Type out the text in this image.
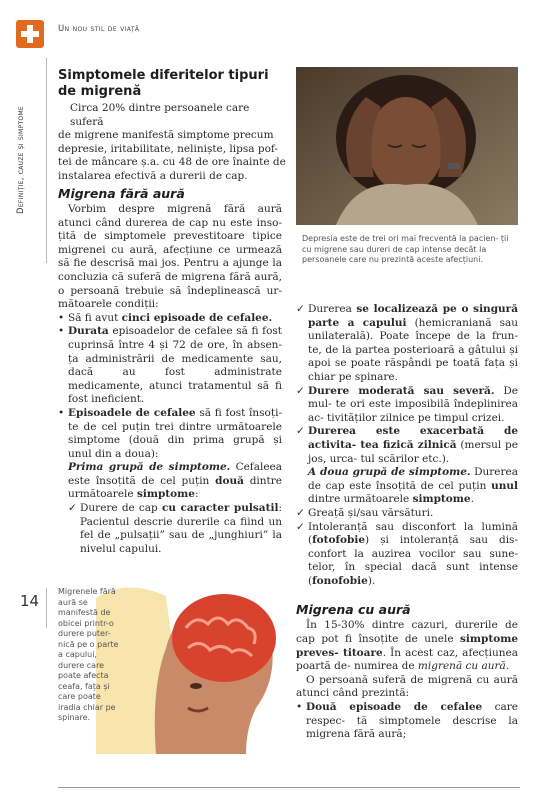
Un nou stil de viață
Definiție, cauze și simptome
14
Simptomele diferitelor tipuri
de migrenă

Circa 20% dintre persoanele care suferă

de migrene manifestă simptome precum

depresie, iritabilitate, neliniște, lipsa pof-

tei de mâncare ș.a. cu 48 de ore înainte de

instalarea efectivă a durerii de cap.

Depresia este de trei ori mai frecventă la pacien- ții cu migrene sau dureri de cap intense decât la persoanele care nu prezintă aceste afecțiuni.
Migrena fără aură

Vorbim despre migrenă fără aură atunci când durerea de cap nu este inso- țită de simptomele prevestitoare tipice migrenei cu aură, afecțiune ce urmează să fie descrisă mai jos. Pentru a ajunge la concluzia că suferă de migrena fără aură, o persoană trebuie să îndeplinească ur- mătoarele condiții:

• Să fi avut cinci episoade de cefalee.
• Durata episoadelor de cefalee să fi fost cuprinsă între 4 și 72 de ore, în absen- ța administrării de medicamente sau, dacă au fost administrate medicamente, atunci tratamentul să fi fost ineficient.
• Episoadele de cefalee să fi fost însoți- te de cel puțin trei dintre următoarele simptome (două din prima grupă și unul din a doua):

Prima grupă de simptome. Cefaleea este însoțită de cel puțin două dintre următoarele simptome:

✓ Durere de cap cu caracter pulsatil: Pacientul descrie durerile ca fiind un fel de „pulsații” sau de „junghiuri” la nivelul capului.
Migrenele fără aură se manifestă de obicei printr-o durere puter- nică pe o parte a capului, durere care poate afecta ceafa, fața și care poate iradia chiar pe spinare.
✓ Durerea se localizează pe o singură parte a capului (hemicraniană sau unilaterală). Poate începe de la frun- te, de la partea posterioară a gâtului și apoi se poate răspândi pe toată fața și chiar pe spinare.
✓ Durere moderată sau severă. De mul- te ori este imposibilă îndeplinirea ac- tivităților zilnice pe timpul crizei.
✓ Durerea este exacerbată de activita- tea fizică zilnică (mersul pe jos, urca- tul scărilor etc.).

A doua grupă de simptome. Durerea de cap este însoțită de cel puțin unul dintre următoarele simptome.

✓ Greață și/sau vărsături.
✓ Intoleranță sau disconfort la lumină (fotofobie) și intoleranță sau dis- confort la auzirea vocilor sau sune- telor, în special dacă sunt intense (fonofobie).
Migrena cu aură

În 15-30% dintre cazuri, durerile de cap pot fi însoțite de unele simptome preves- titoare. În acest caz, afecțiunea poartă de- numirea de migrenă cu aură.

O persoană suferă de migrenă cu aură atunci când prezintă:

• Două episoade de cefalee care respec- tă simptomele descrise la migrena fără aură;
